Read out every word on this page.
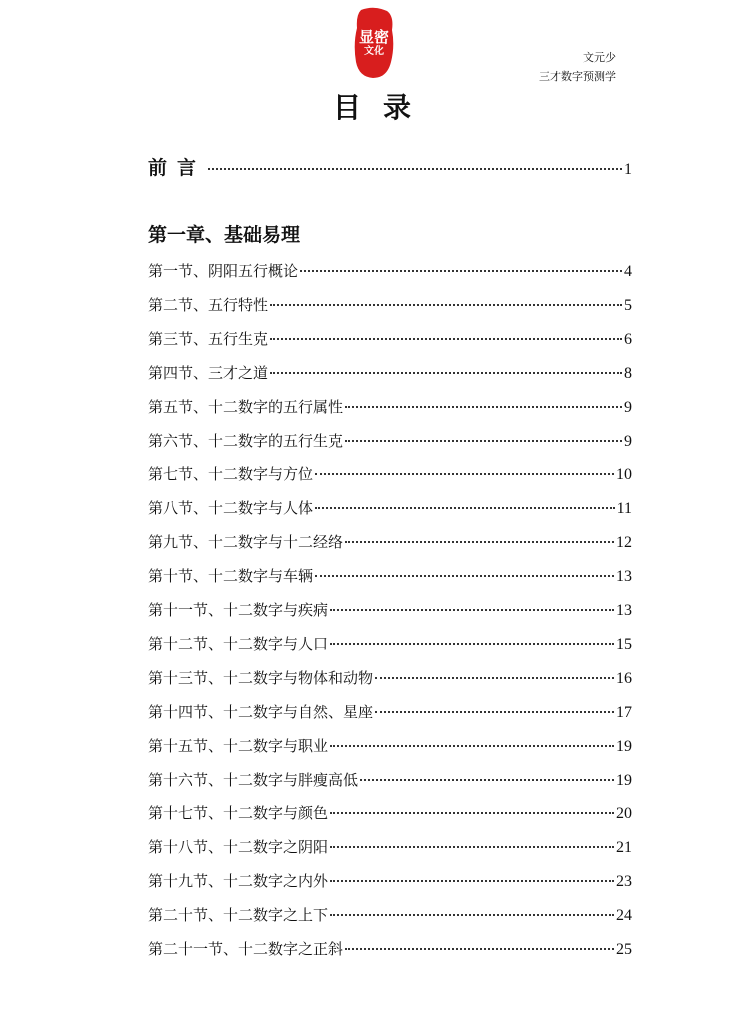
显密
文化	文元少
三才数字预测学
目录
前言	1
第一章、基础易理
第一节、阴阳五行概论	4
第二节、五行特性	5
第三节、五行生克	6
第四节、三才之道	8
第五节、十二数字的五行属性	9
第六节、十二数字的五行生克	9
第七节、十二数字与方位	10
第八节、十二数字与人体	11
第九节、十二数字与十二经络	12
第十节、十二数字与车辆	13
第十一节、十二数字与疾病	13
第十二节、十二数字与人口	15
第十三节、十二数字与物体和动物	16
第十四节、十二数字与自然、星座	17
第十五节、十二数字与职业	19
第十六节、十二数字与胖瘦高低	19
第十七节、十二数字与颜色	20
第十八节、十二数字之阴阳	21
第十九节、十二数字之内外	23
第二十节、十二数字之上下	24
第二十一节、十二数字之正斜	25
